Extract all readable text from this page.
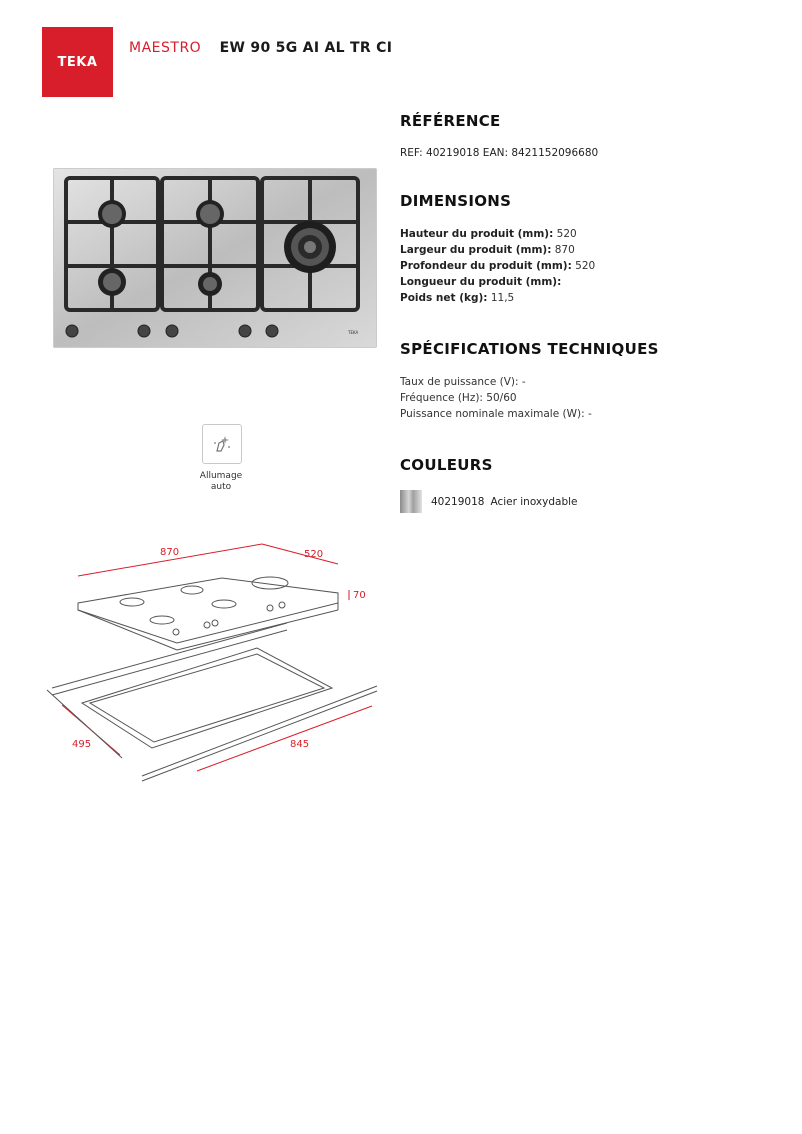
TEKA
MAESTRO EW 90 5G AI AL TR CI
TEKA
Allumage
auto
870	520
70
495	845
RÉFÉRENCE
REF: 40219018 EAN: 8421152096680
DIMENSIONS
Hauteur du produit (mm): 520
Largeur du produit (mm): 870
Profondeur du produit (mm): 520
Longueur du produit (mm):
Poids net (kg): 11,5
SPÉCIFICATIONS TECHNIQUES
Taux de puissance (V): -
Fréquence (Hz): 50/60
Puissance nominale maximale (W): -
COULEURS
40219018 Acier inoxydable
